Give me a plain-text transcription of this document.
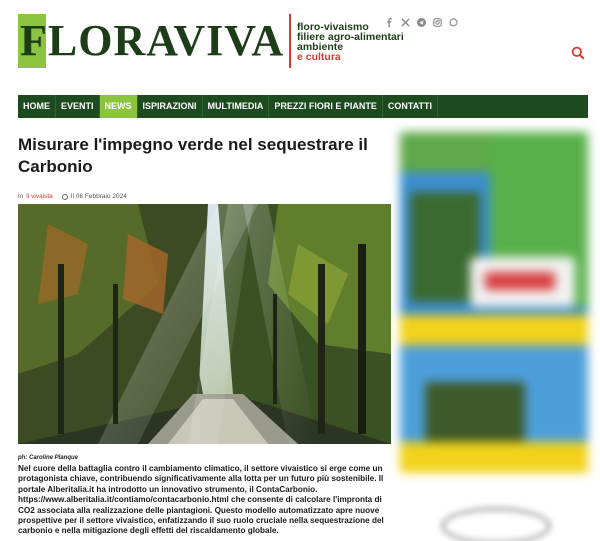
FLORAVIVA floro-vivaismo
filiere agro-alimentari
ambiente
e cultura
HOME	EVENTI	NEWS	ISPIRAZIONI	MULTIMEDIA	PREZZI FIORI E PIANTE	CONTATTI
Misurare l'impegno verde nel sequestrare il Carbonio
in Il vivaista	Il 06 Febbraio 2024
ph: Caroline Planque

Nel cuore della battaglia contro il cambiamento climatico, il settore vivaistico si erge come un protagonista chiave, contribuendo significativamente alla lotta per un futuro più sostenibile. Il portale Alberitalia.it ha introdotto un innovativo strumento, il ContaCarbonio. https://www.alberitalia.it/contiamo/contacarbonio.html che consente di calcolare l'impronta di CO2 associata alla realizzazione delle piantagioni. Questo modello automatizzato apre nuove prospettive per il settore vivaistico, enfatizzando il suo ruolo cruciale nella sequestrazione del carbonio e nella mitigazione degli effetti del riscaldamento globale.
